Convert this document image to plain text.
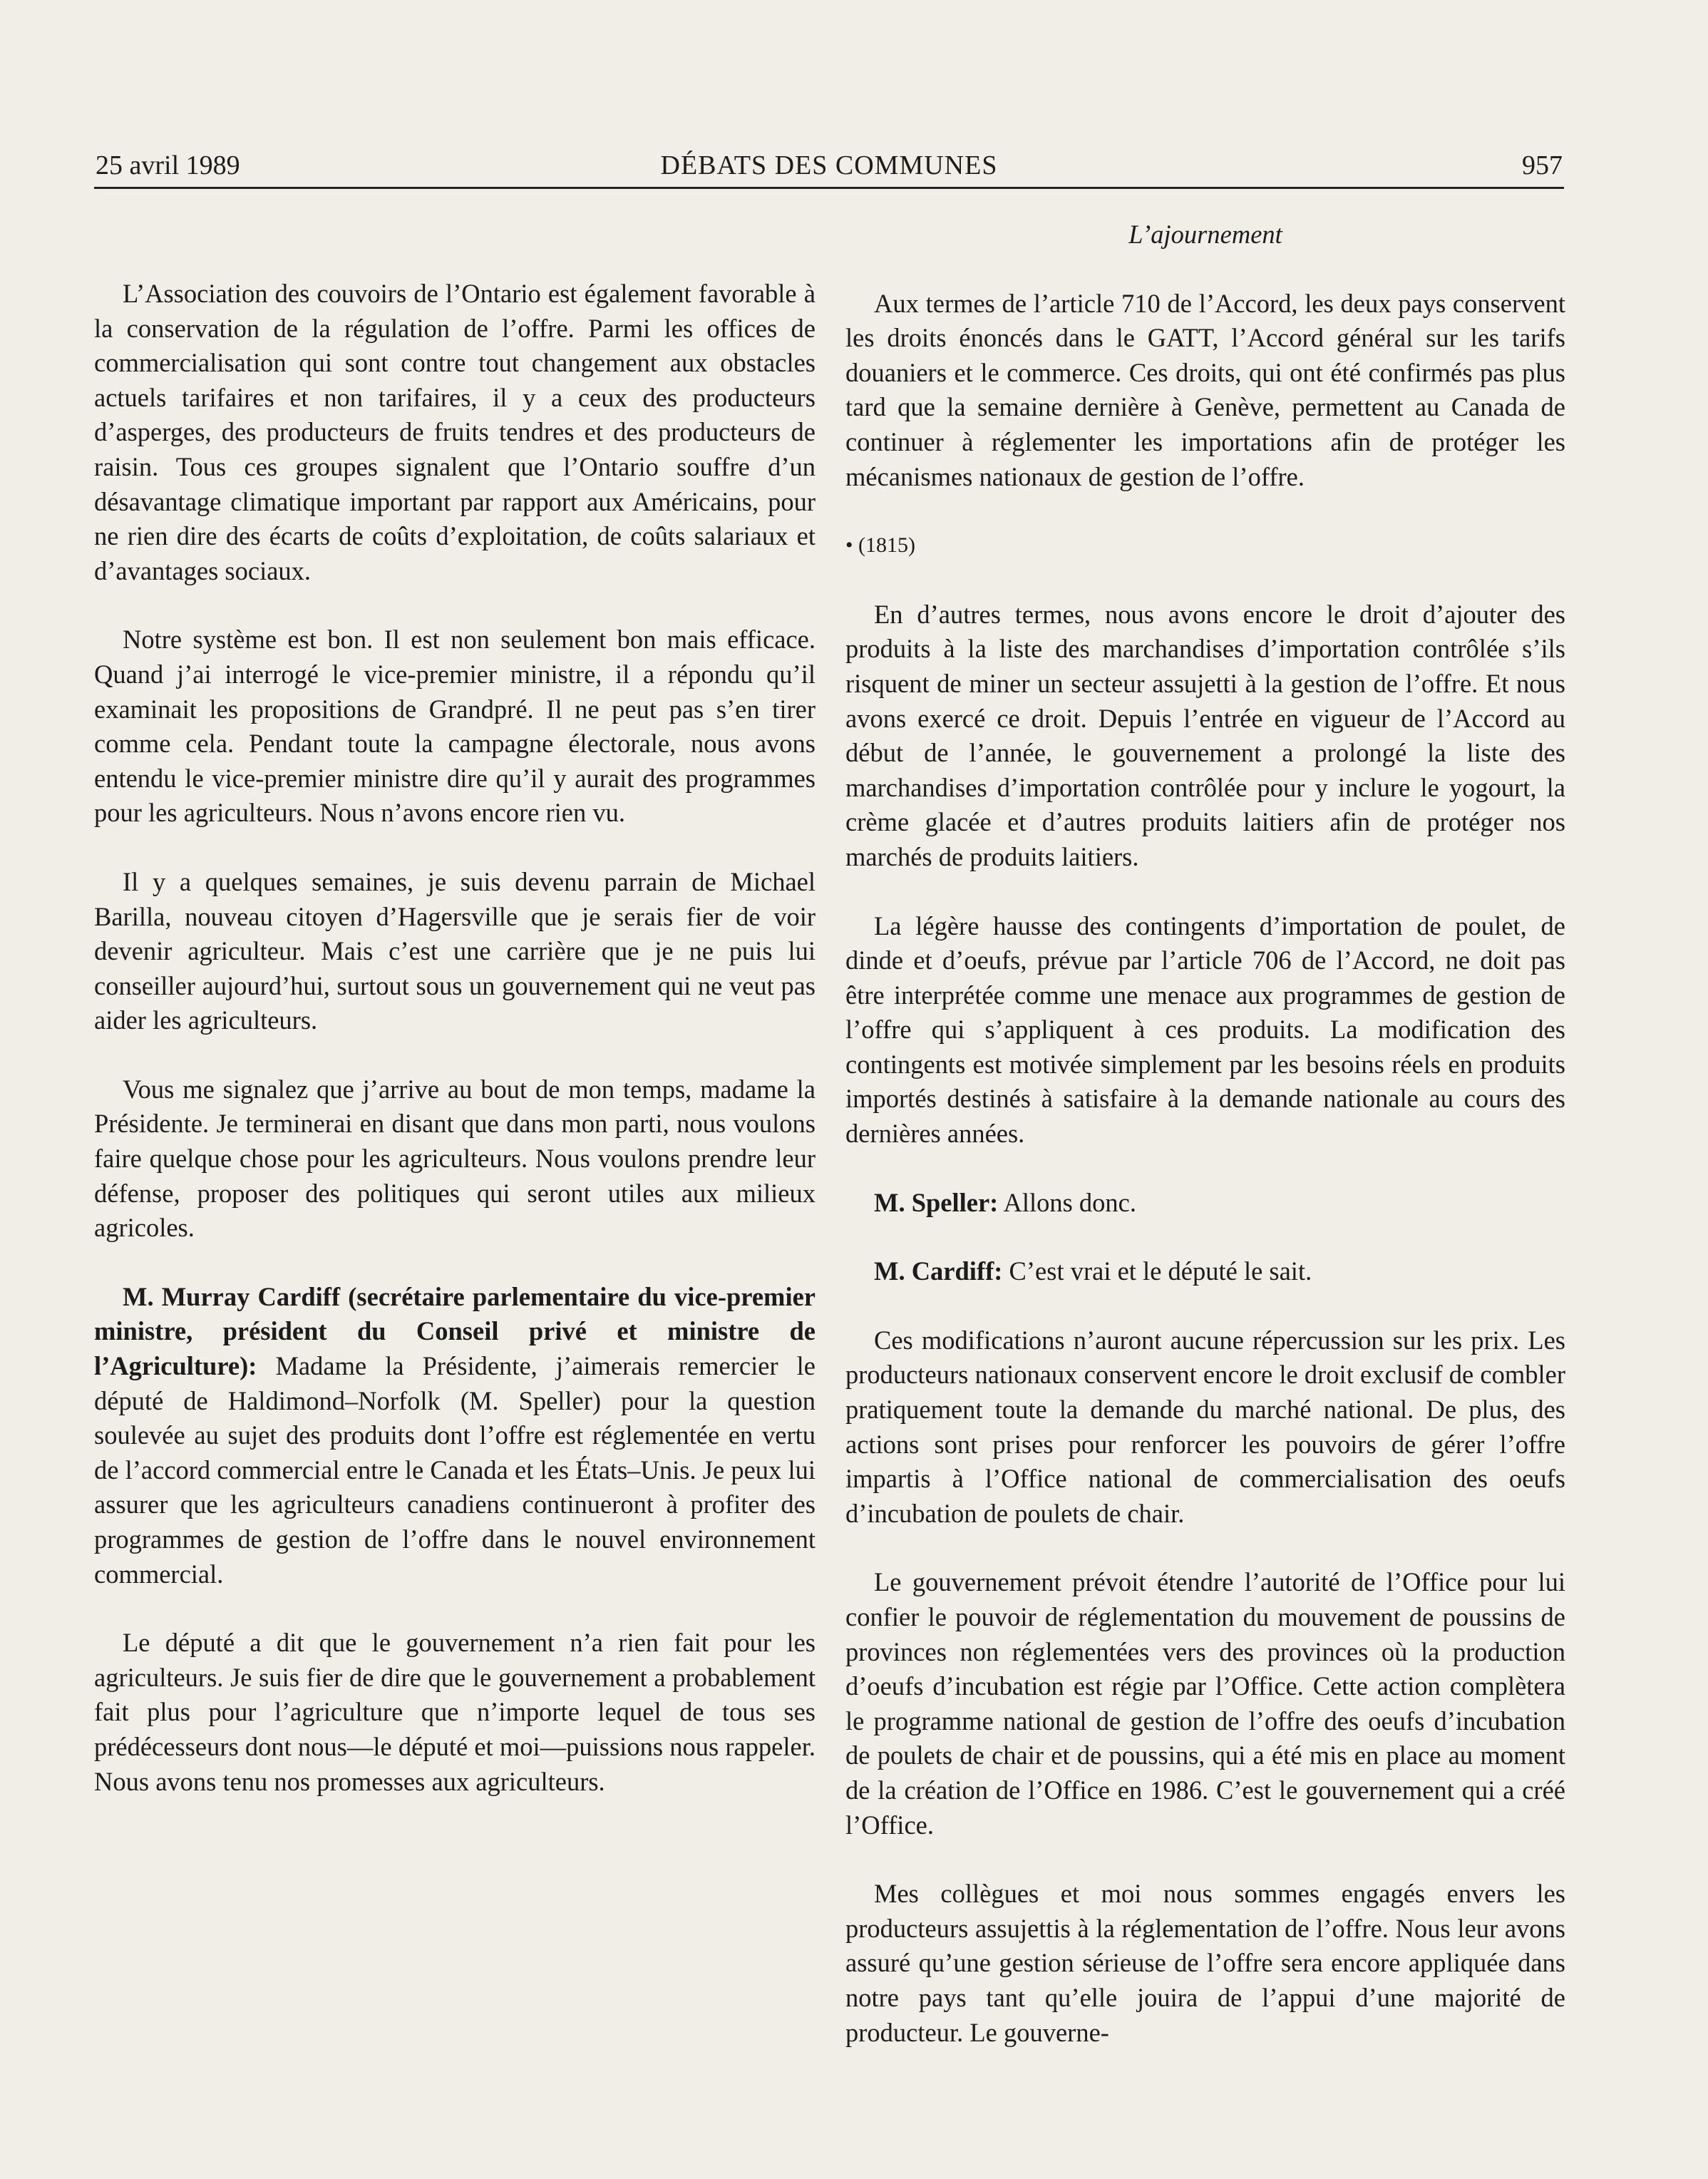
25 avril 1989	DÉBATS DES COMMUNES	957

L’Association des couvoirs de l’Ontario est également favorable à la conservation de la régulation de l’offre. Parmi les offices de commercialisation qui sont contre tout changement aux obstacles actuels tarifaires et non tarifaires, il y a ceux des producteurs d’asperges, des producteurs de fruits tendres et des producteurs de raisin. Tous ces groupes signalent que l’Ontario souffre d’un désavantage climatique important par rapport aux Américains, pour ne rien dire des écarts de coûts d’exploitation, de coûts salariaux et d’avantages sociaux.

Notre système est bon. Il est non seulement bon mais efficace. Quand j’ai interrogé le vice-premier ministre, il a répondu qu’il examinait les propositions de Grandpré. Il ne peut pas s’en tirer comme cela. Pendant toute la campagne électorale, nous avons entendu le vice-premier ministre dire qu’il y aurait des programmes pour les agriculteurs. Nous n’avons encore rien vu.

Il y a quelques semaines, je suis devenu parrain de Michael Barilla, nouveau citoyen d’Hagersville que je serais fier de voir devenir agriculteur. Mais c’est une carrière que je ne puis lui conseiller aujourd’hui, surtout sous un gouvernement qui ne veut pas aider les agriculteurs.

Vous me signalez que j’arrive au bout de mon temps, madame la Présidente. Je terminerai en disant que dans mon parti, nous voulons faire quelque chose pour les agriculteurs. Nous voulons prendre leur défense, proposer des politiques qui seront utiles aux milieux agricoles.

M. Murray Cardiff (secrétaire parlementaire du vice-premier ministre, président du Conseil privé et ministre de l’Agriculture): Madame la Présidente, j’aimerais remercier le député de Haldimond–Norfolk (M. Speller) pour la question soulevée au sujet des produits dont l’offre est réglementée en vertu de l’accord commercial entre le Canada et les États–Unis. Je peux lui assurer que les agriculteurs canadiens continueront à profiter des programmes de gestion de l’offre dans le nouvel environnement commercial.

Le député a dit que le gouvernement n’a rien fait pour les agriculteurs. Je suis fier de dire que le gouvernement a probablement fait plus pour l’agriculture que n’importe lequel de tous ses prédécesseurs dont nous—le député et moi—puissions nous rappeler. Nous avons tenu nos promesses aux agriculteurs.

L’ajournement

Aux termes de l’article 710 de l’Accord, les deux pays conservent les droits énoncés dans le GATT, l’Accord général sur les tarifs douaniers et le commerce. Ces droits, qui ont été confirmés pas plus tard que la semaine dernière à Genève, permettent au Canada de continuer à réglementer les importations afin de protéger les mécanismes nationaux de gestion de l’offre.

• (1815)

En d’autres termes, nous avons encore le droit d’ajouter des produits à la liste des marchandises d’importation contrôlée s’ils risquent de miner un secteur assujetti à la gestion de l’offre. Et nous avons exercé ce droit. Depuis l’entrée en vigueur de l’Accord au début de l’année, le gouvernement a prolongé la liste des marchandises d’importation contrôlée pour y inclure le yogourt, la crème glacée et d’autres produits laitiers afin de protéger nos marchés de produits laitiers.

La légère hausse des contingents d’importation de poulet, de dinde et d’oeufs, prévue par l’article 706 de l’Accord, ne doit pas être interprétée comme une menace aux programmes de gestion de l’offre qui s’appliquent à ces produits. La modification des contingents est motivée simplement par les besoins réels en produits importés destinés à satisfaire à la demande nationale au cours des dernières années.

M. Speller: Allons donc.

M. Cardiff: C’est vrai et le député le sait.

Ces modifications n’auront aucune répercussion sur les prix. Les producteurs nationaux conservent encore le droit exclusif de combler pratiquement toute la demande du marché national. De plus, des actions sont prises pour renforcer les pouvoirs de gérer l’offre impartis à l’Office national de commercialisation des oeufs d’incubation de poulets de chair.

Le gouvernement prévoit étendre l’autorité de l’Office pour lui confier le pouvoir de réglementation du mouvement de poussins de provinces non réglementées vers des provinces où la production d’oeufs d’incubation est régie par l’Office. Cette action complètera le programme national de gestion de l’offre des oeufs d’incubation de poulets de chair et de poussins, qui a été mis en place au moment de la création de l’Office en 1986. C’est le gouvernement qui a créé l’Office.

Mes collègues et moi nous sommes engagés envers les producteurs assujettis à la réglementation de l’offre. Nous leur avons assuré qu’une gestion sérieuse de l’offre sera encore appliquée dans notre pays tant qu’elle jouira de l’appui d’une majorité de producteur. Le gouverne-
